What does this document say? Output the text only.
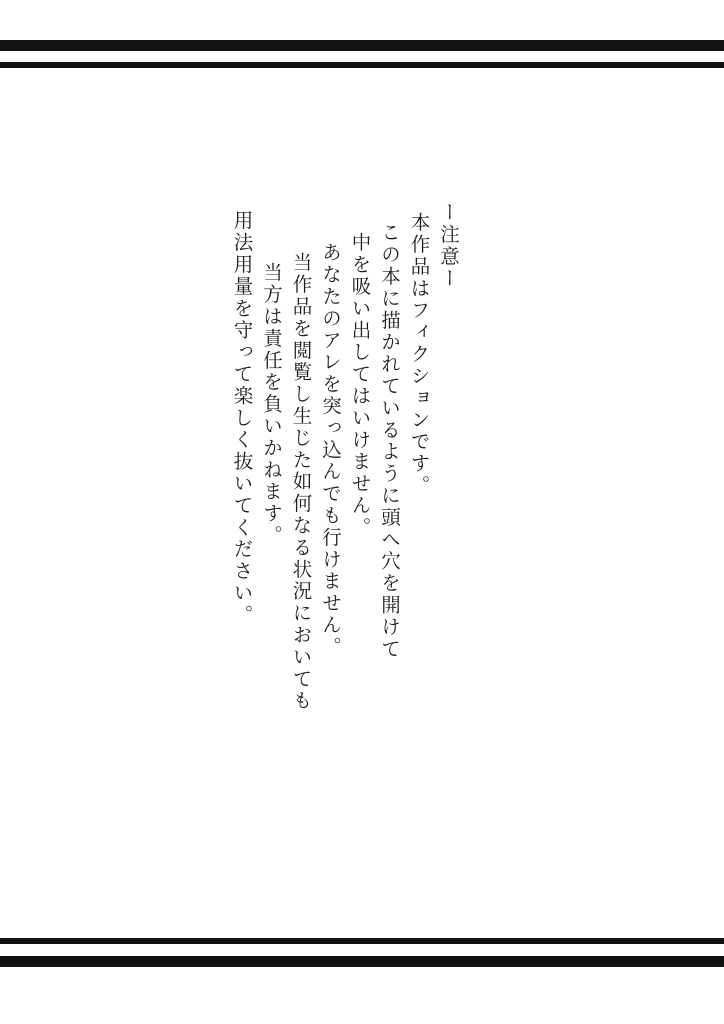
ー注意ー
本作品はフィクションです。
この本に描かれているように頭へ穴を開けて
中を吸い出してはいけません。
あなたのアレを突っ込んでも行けません。
当作品を閲覧し生じた如何なる状況においても
当方は責任を負いかねます。
用法用量を守って楽しく抜いてください。
